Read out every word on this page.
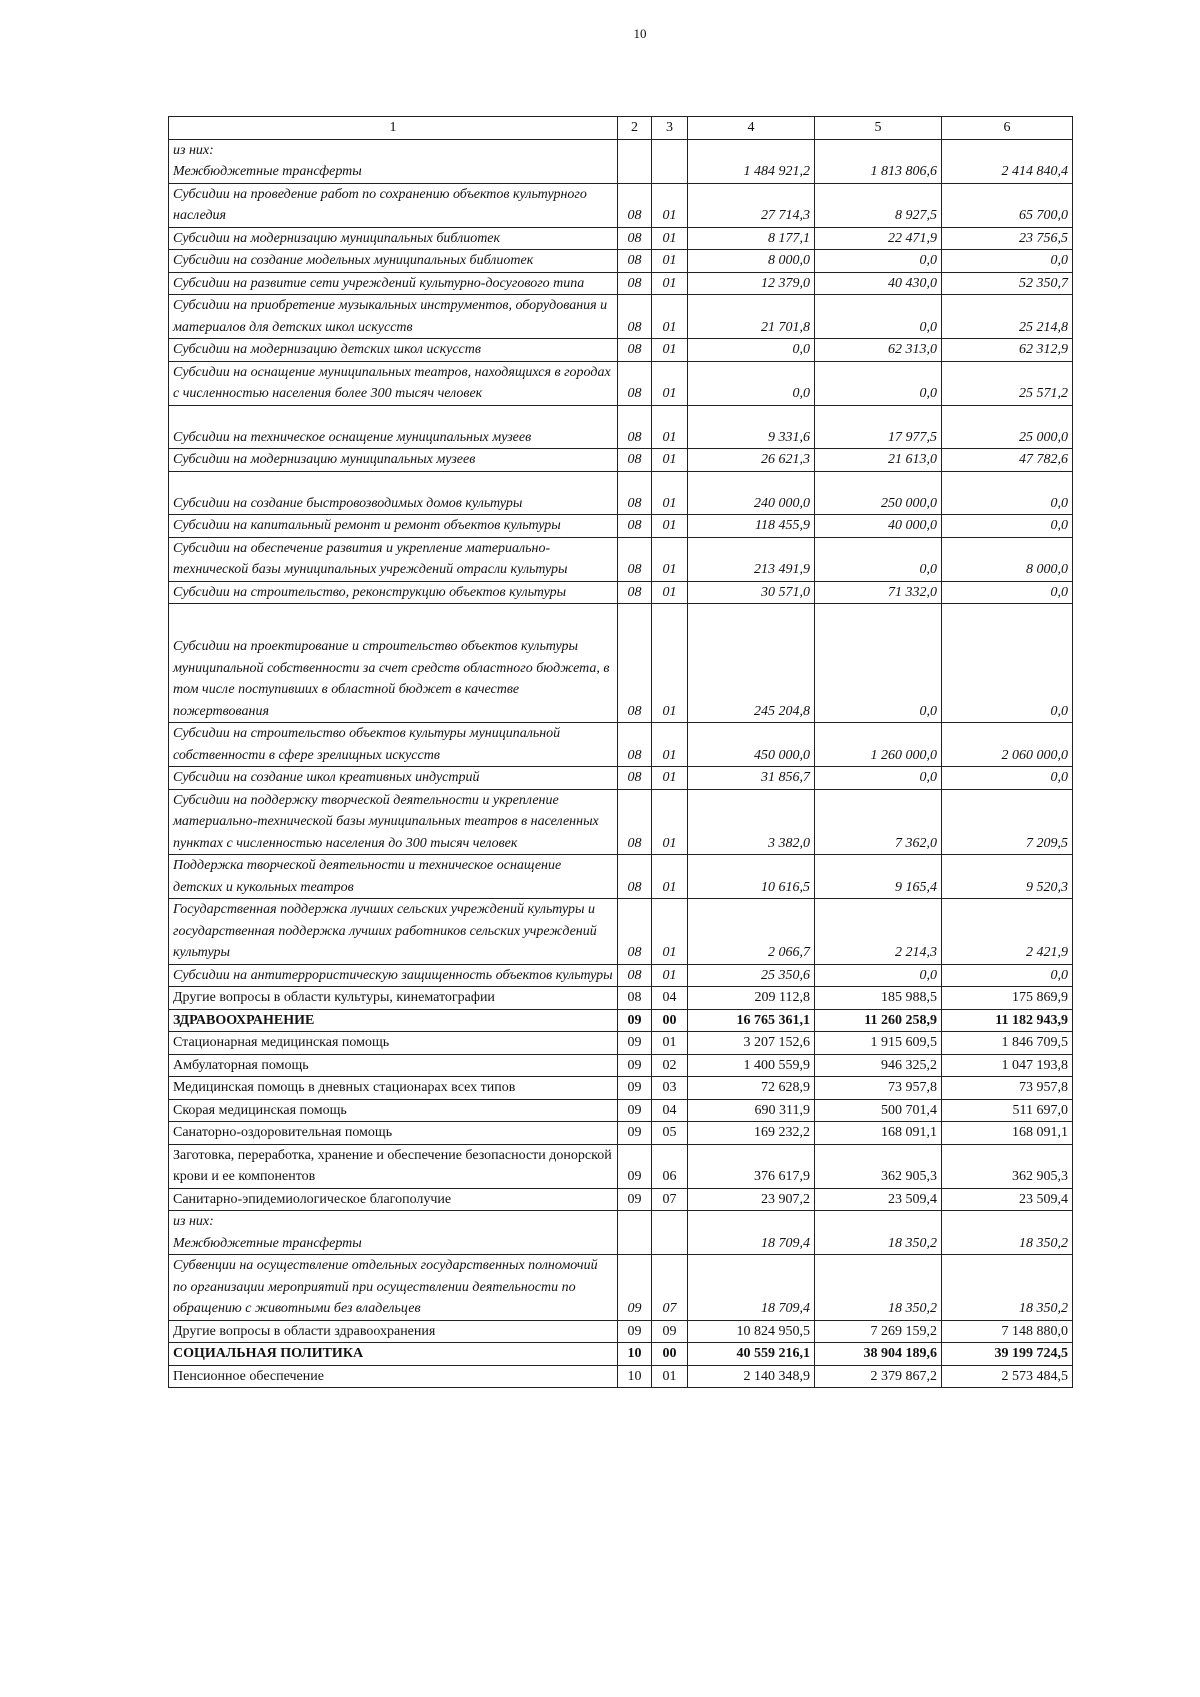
10
1	2	3	4	5	6
из них:
Межбюджетные трансферты			1 484 921,2	1 813 806,6	2 414 840,4
Субсидии на проведение работ по сохранению объектов культурного наследия	08	01	27 714,3	8 927,5	65 700,0
Субсидии на модернизацию муниципальных библиотек	08	01	8 177,1	22 471,9	23 756,5
Субсидии на создание модельных муниципальных библиотек	08	01	8 000,0	0,0	0,0
Субсидии на развитие сети учреждений культурно-досугового типа	08	01	12 379,0	40 430,0	52 350,7
Субсидии на приобретение музыкальных инструментов, оборудования и материалов для детских школ искусств	08	01	21 701,8	0,0	25 214,8
Субсидии на модернизацию детских школ искусств	08	01	0,0	62 313,0	62 312,9
Субсидии на оснащение муниципальных театров, находящихся в городах с численностью населения более 300 тысяч человек	08	01	0,0	0,0	25 571,2
Субсидии на техническое оснащение муниципальных музеев	08	01	9 331,6	17 977,5	25 000,0
Субсидии на модернизацию муниципальных музеев	08	01	26 621,3	21 613,0	47 782,6
Субсидии на создание быстровозводимых домов культуры	08	01	240 000,0	250 000,0	0,0
Субсидии на капитальный ремонт и ремонт объектов культуры	08	01	118 455,9	40 000,0	0,0
Субсидии на обеспечение развития и укрепление материально-технической базы муниципальных учреждений отрасли культуры	08	01	213 491,9	0,0	8 000,0
Субсидии на строительство, реконструкцию объектов культуры	08	01	30 571,0	71 332,0	0,0
Субсидии на проектирование и строительство объектов культуры муниципальной собственности за счет средств областного бюджета, в том числе поступивших в областной бюджет в качестве пожертвования	08	01	245 204,8	0,0	0,0
Субсидии на строительство объектов культуры муниципальной собственности в сфере зрелищных искусств	08	01	450 000,0	1 260 000,0	2 060 000,0
Субсидии на создание школ креативных индустрий	08	01	31 856,7	0,0	0,0
Субсидии на поддержку творческой деятельности и укрепление материально-технической базы муниципальных театров в населенных пунктах с численностью населения до 300 тысяч человек	08	01	3 382,0	7 362,0	7 209,5
Поддержка творческой деятельности и техническое оснащение детских и кукольных театров	08	01	10 616,5	9 165,4	9 520,3
Государственная поддержка лучших сельских учреждений культуры и государственная поддержка лучших работников сельских учреждений культуры	08	01	2 066,7	2 214,3	2 421,9
Субсидии на антитеррористическую защищенность объектов культуры	08	01	25 350,6	0,0	0,0
Другие вопросы в области культуры, кинематографии	08	04	209 112,8	185 988,5	175 869,9
ЗДРАВООХРАНЕНИЕ	09	00	16 765 361,1	11 260 258,9	11 182 943,9
Стационарная медицинская помощь	09	01	3 207 152,6	1 915 609,5	1 846 709,5
Амбулаторная помощь	09	02	1 400 559,9	946 325,2	1 047 193,8
Медицинская помощь в дневных стационарах всех типов	09	03	72 628,9	73 957,8	73 957,8
Скорая медицинская помощь	09	04	690 311,9	500 701,4	511 697,0
Санаторно-оздоровительная помощь	09	05	169 232,2	168 091,1	168 091,1
Заготовка, переработка, хранение и обеспечение безопасности донорской крови и ее компонентов	09	06	376 617,9	362 905,3	362 905,3
Санитарно-эпидемиологическое благополучие	09	07	23 907,2	23 509,4	23 509,4
из них:
Межбюджетные трансферты			18 709,4	18 350,2	18 350,2
Субвенции на осуществление отдельных государственных полномочий по организации мероприятий при осуществлении деятельности по обращению с животными без владельцев	09	07	18 709,4	18 350,2	18 350,2
Другие вопросы в области здравоохранения	09	09	10 824 950,5	7 269 159,2	7 148 880,0
СОЦИАЛЬНАЯ ПОЛИТИКА	10	00	40 559 216,1	38 904 189,6	39 199 724,5
Пенсионное обеспечение	10	01	2 140 348,9	2 379 867,2	2 573 484,5
